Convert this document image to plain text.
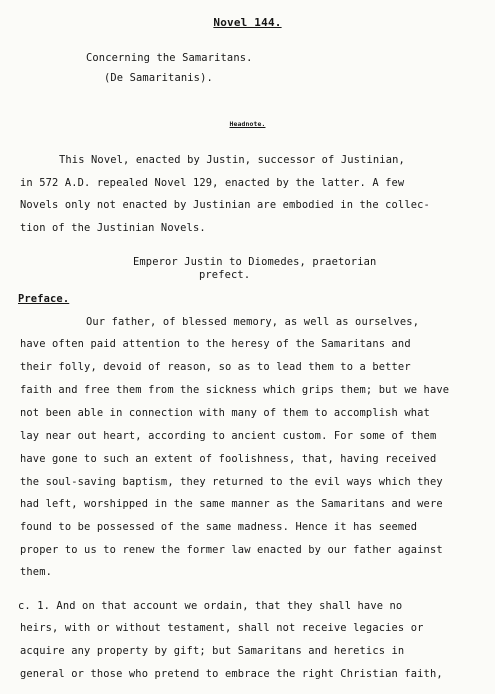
Novel 144.
Concerning the Samaritans.
(De Samaritanis).
Headnote.
This Novel, enacted by Justin, successor of Justinian,
in 572 A.D. repealed Novel 129, enacted by the latter. A few
Novels only not enacted by Justinian are embodied in the collec-
tion of the Justinian Novels.
Emperor Justin to Diomedes, praetorian
prefect.
Preface.
Our father, of blessed memory, as well as ourselves,
have often paid attention to the heresy of the Samaritans and
their folly, devoid of reason, so as to lead them to a better
faith and free them from the sickness which grips them; but we have
not been able in connection with many of them to accomplish what
lay near out heart, according to ancient custom. For some of them
have gone to such an extent of foolishness, that, having received
the soul-saving baptism, they returned to the evil ways which they
had left, worshipped in the same manner as the Samaritans and were
found to be possessed of the same madness. Hence it has seemed
proper to us to renew the former law enacted by our father against
them.
c. 1. And on that account we ordain, that they shall have no
heirs, with or without testament, shall not receive legacies or
acquire any property by gift; but Samaritans and heretics in
general or those who pretend to embrace the right Christian faith,
